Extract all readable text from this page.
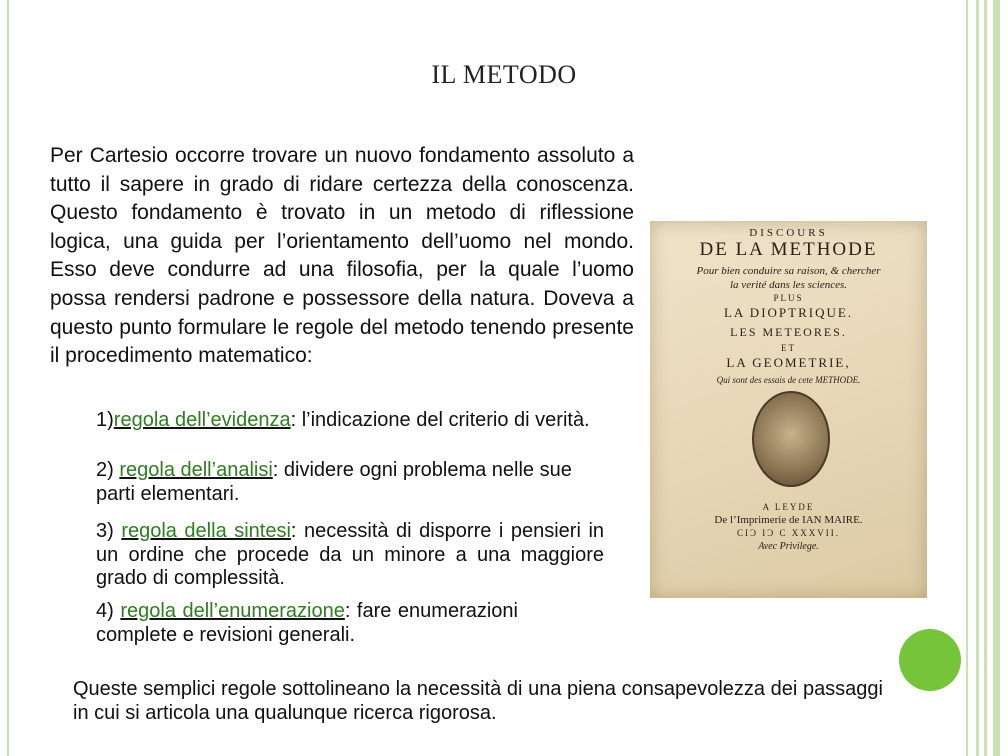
IL METODO

Per Cartesio occorre trovare un nuovo fondamento assoluto a tutto il sapere in grado di ridare certezza della conoscenza. Questo fondamento è trovato in un metodo di riflessione logica, una guida per l’orientamento dell’uomo nel mondo. Esso deve condurre ad una filosofia, per la quale l’uomo possa rendersi padrone e possessore della natura. Doveva a questo punto formulare le regole del metodo tenendo presente il procedimento matematico:

1)regola dell’evidenza: l’indicazione del criterio di verità.

2) regola dell’analisi: dividere ogni problema nelle sue parti elementari.

3) regola della sintesi: necessità di disporre i pensieri in un ordine che procede da un minore a una maggiore grado di complessità.

4) regola dell’enumerazione: fare enumerazioni complete e revisioni generali.

Queste semplici regole sottolineano la necessità di una piena consapevolezza dei passaggi in cui si articola una qualunque ricerca rigorosa.

DISCOURS
DE LA METHODE
Pour bien conduire sa raison, & chercher
la verité dans les sciences.
PLUS
LA DIOPTRIQUE.
LES METEORES.
ET
LA GEOMETRIE,
Qui sont des essais de cete METHODE.
A LEYDE
De l’Imprimerie de IAN MAIRE.
CIƆ IƆ C XXXVII.
Avec Privilege.
